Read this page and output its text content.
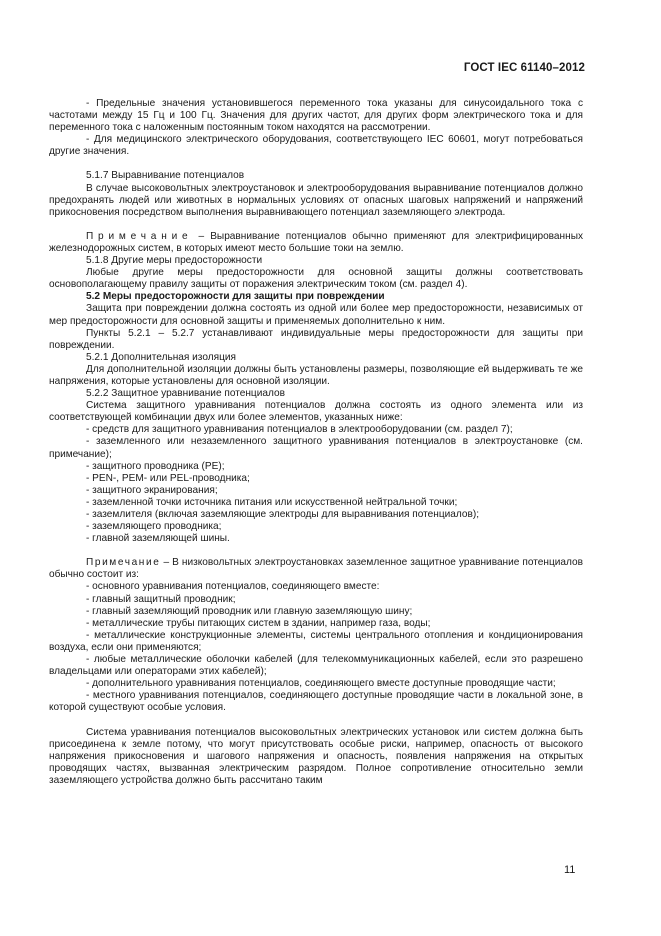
ГОСТ IEC 61140–2012

- Предельные значения установившегося переменного тока указаны для синусоидального тока с частотами между 15 Гц и 100 Гц. Значения для других частот, для других форм электрического тока и для переменного тока с наложенным постоянным током находятся на рассмотрении.

- Для медицинского электрического оборудования, соответствующего IEC 60601, могут потребоваться другие значения.

5.1.7 Выравнивание потенциалов

В случае высоковольтных электроустановок и электрооборудования выравнивание потенциалов должно предохранять людей или животных в нормальных условиях от опасных шаговых напряжений и напряжений прикосновения посредством выполнения выравнивающего потенциал заземляющего электрода.

Примечание – Выравнивание потенциалов обычно применяют для электрифицированных железнодорожных систем, в которых имеют место большие токи на землю.

5.1.8 Другие меры предосторожности

Любые другие меры предосторожности для основной защиты должны соответствовать основополагающему правилу защиты от поражения электрическим током (см. раздел 4).

5.2 Меры предосторожности для защиты при повреждении

Защита при повреждении должна состоять из одной или более мер предосторожности, независимых от мер предосторожности для основной защиты и применяемых дополнительно к ним.

Пункты 5.2.1 – 5.2.7 устанавливают индивидуальные меры предосторожности для защиты при повреждении.

5.2.1 Дополнительная изоляция

Для дополнительной изоляции должны быть установлены размеры, позволяющие ей выдерживать те же напряжения, которые установлены для основной изоляции.

5.2.2 Защитное уравнивание потенциалов

Система защитного уравнивания потенциалов должна состоять из одного элемента или из соответствующей комбинации двух или более элементов, указанных ниже:

- средств для защитного уравнивания потенциалов в электрооборудовании (см. раздел 7);

- заземленного или незаземленного защитного уравнивания потенциалов в электроустановке (см. примечание);

- защитного проводника (PE);

- PEN-, PEM- или PEL-проводника;

- защитного экранирования;

- заземленной точки источника питания или искусственной нейтральной точки;

- заземлителя (включая заземляющие электроды для выравнивания потенциалов);

- заземляющего проводника;

- главной заземляющей шины.

Примечание – В низковольтных электроустановках заземленное защитное уравнивание потенциалов обычно состоит из:

- основного уравнивания потенциалов, соединяющего вместе:

- главный защитный проводник;

- главный заземляющий проводник или главную заземляющую шину;

- металлические трубы питающих систем в здании, например газа, воды;

- металлические конструкционные элементы, системы центрального отопления и кондиционирования воздуха, если они применяются;

- любые металлические оболочки кабелей (для телекоммуникационных кабелей, если это разрешено владельцами или операторами этих кабелей);

- дополнительного уравнивания потенциалов, соединяющего вместе доступные проводящие части;

- местного уравнивания потенциалов, соединяющего доступные проводящие части в локальной зоне, в которой существуют особые условия.

Система уравнивания потенциалов высоковольтных электрических установок или систем должна быть присоединена к земле потому, что могут присутствовать особые риски, например, опасность от высокого напряжения прикосновения и шагового напряжения и опасность, появления напряжения на открытых проводящих частях, вызванная электрическим разрядом. Полное сопротивление относительно земли заземляющего устройства должно быть рассчитано таким

11
